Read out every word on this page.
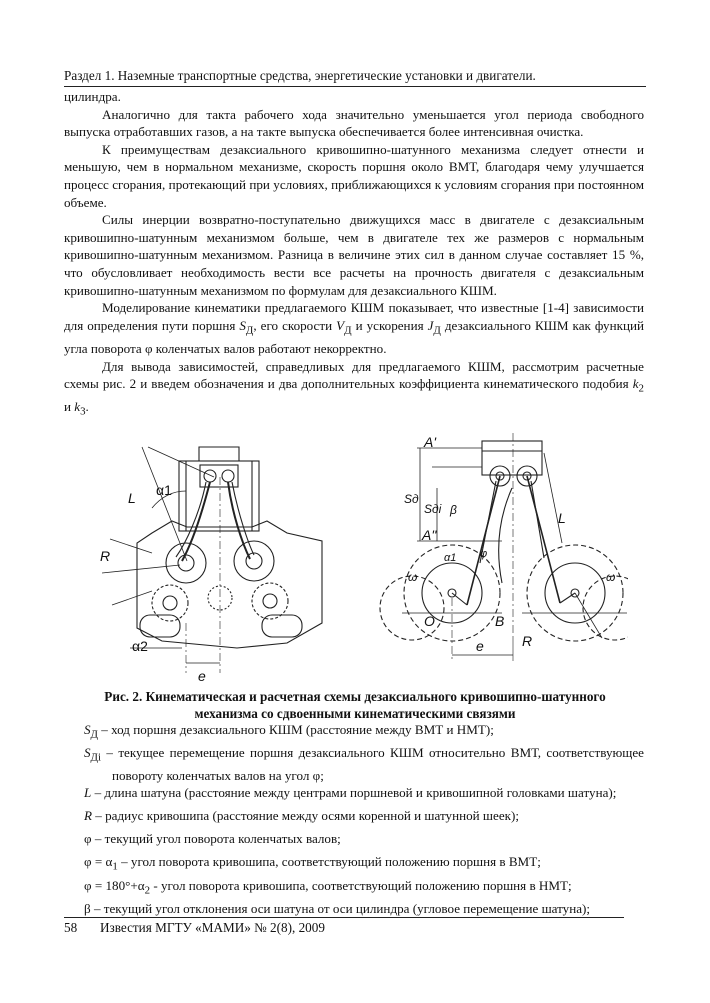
Раздел 1. Наземные транспортные средства, энергетические установки и двигатели.

цилиндра.

Аналогично для такта рабочего хода значительно уменьшается угол периода свободного выпуска отработавших газов, а на такте выпуска обеспечивается более интенсивная очистка.

К преимуществам дезаксиального кривошипно-шатунного механизма следует отнести и меньшую, чем в нормальном механизме, скорость поршня около ВМТ, благодаря чему улучшается процесс сгорания, протекающий при условиях, приближающихся к условиям сгорания при постоянном объеме.

Силы инерции возвратно-поступательно движущихся масс в двигателе с дезаксиальным кривошипно-шатунным механизмом больше, чем в двигателе тех же размеров с нормальным кривошипно-шатунным механизмом. Разница в величине этих сил в данном случае составляет 15 %, что обусловливает необходимость вести все расчеты на прочность двигателя с дезаксиальным кривошипно-шатунным механизмом по формулам для дезаксиального КШМ.

Моделирование кинематики предлагаемого КШМ показывает, что известные [1-4] зависимости для определения пути поршня $S_Д$, его скорости $V_Д$ и ускорения $J_Д$ дезаксиального КШМ как функций угла поворота φ коленчатых валов работают некорректно.

Для вывода зависимостей, справедливых для предлагаемого КШМ, рассмотрим расчетные схемы рис. 2 и введем обозначения и два дополнительных коэффициента кинематического подобия $k_2$ и $k_3$.

α1
L
R
α2
e
A'
A"
Sд
Sдi β	L
α1 φ
ω	ω
O	B
e	R
Рис. 2. Кинематическая и расчетная схемы дезаксиального кривошипно-шатунного
механизма со сдвоенными кинематическими связями

$S_Д$ – ход поршня дезаксиального КШМ (расстояние между ВМТ и НМТ);

$S_{Дi}$ – текущее перемещение поршня дезаксиального КШМ относительно ВМТ, соответствующее повороту коленчатых валов на угол φ;

L – длина шатуна (расстояние между центрами поршневой и кривошипной головками шатуна);

R – радиус кривошипа (расстояние между осями коренной и шатунной шеек);

φ – текущий угол поворота коленчатых валов;

$\varphi = \alpha_1$ – угол поворота кривошипа, соответствующий положению поршня в ВМТ;

$\varphi = 180^\circ+\alpha_2$ - угол поворота кривошипа, соответствующий положению поршня в НМТ;

β – текущий угол отклонения оси шатуна от оси цилиндра (угловое перемещение шатуна);

58 Известия МГТУ «МАМИ» № 2(8), 2009
